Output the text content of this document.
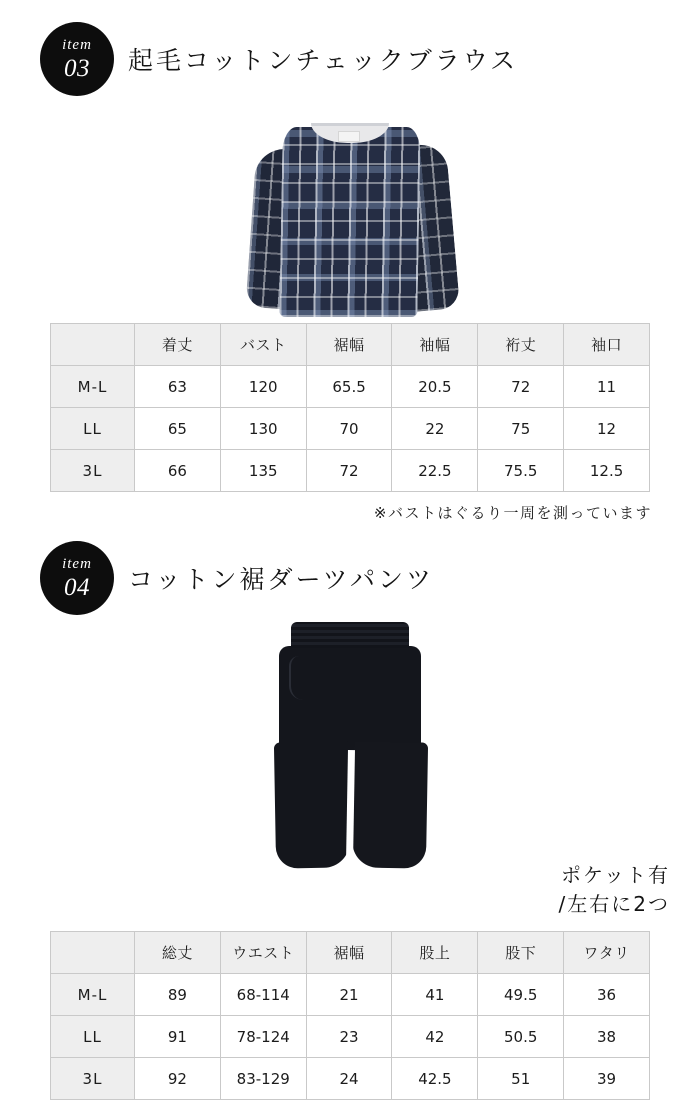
item
03 起毛コットンチェックブラウス
	着丈	バスト	裾幅	袖幅	裄丈	袖口
M-L	63	120	65.5	20.5	72	11
LL	65	130	70	22	75	12
3L	66	135	72	22.5	75.5	12.5
※バストはぐるり一周を測っています
item
04 コットン裾ダーツパンツ
ポケット有
/左右に2つ
	総丈	ウエスト	裾幅	股上	股下	ワタリ
M-L	89	68-114	21	41	49.5	36
LL	91	78-124	23	42	50.5	38
3L	92	83-129	24	42.5	51	39
